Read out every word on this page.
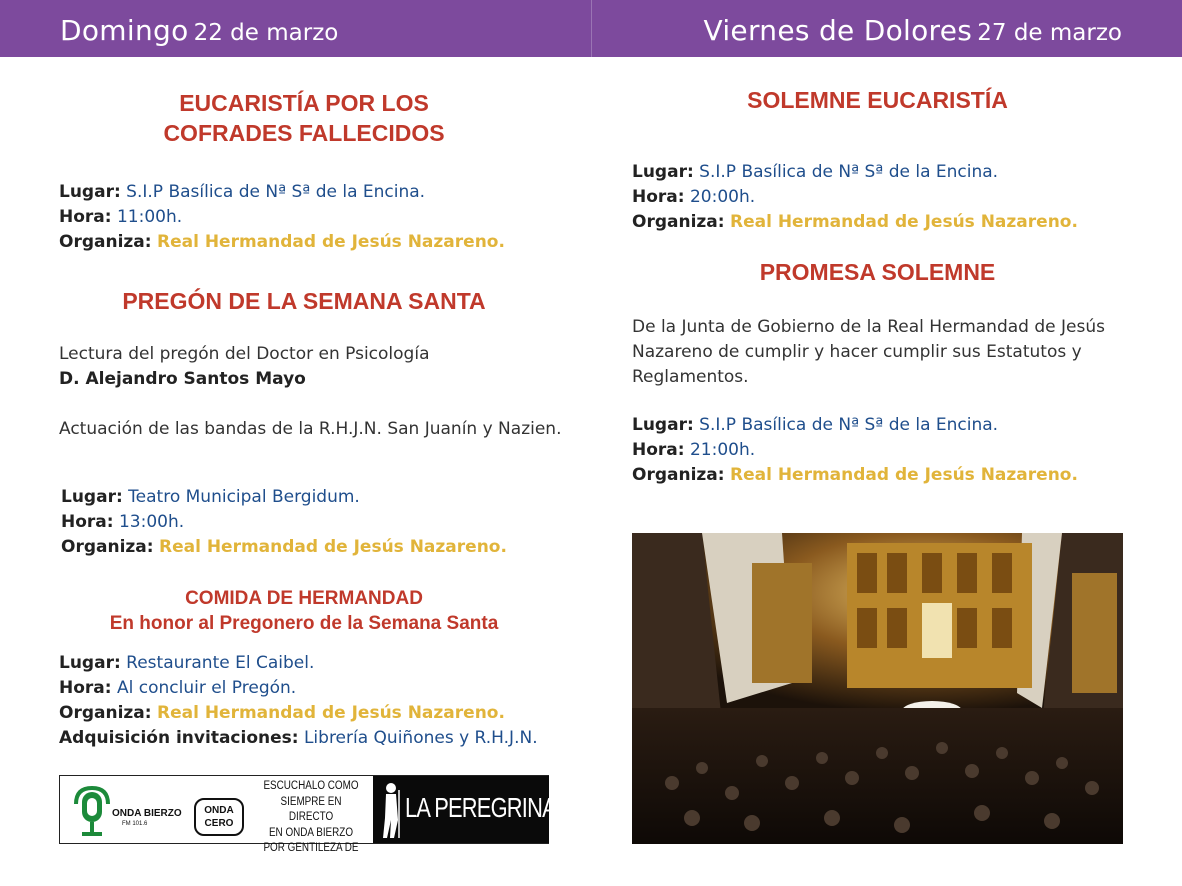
Domingo 22 de marzo	Viernes de Dolores 27 de marzo
EUCARISTÍA POR LOS
COFRADES FALLECIDOS
Lugar: S.I.P Basílica de Nª Sª de la Encina.
Hora: 11:00h.
Organiza: Real Hermandad de Jesús Nazareno.
PREGÓN DE LA SEMANA SANTA
Lectura del pregón del Doctor en Psicología
D. Alejandro Santos Mayo
Actuación de las bandas de la R.H.J.N. San Juanín y Nazien.
Lugar: Teatro Municipal Bergidum.
Hora: 13:00h.
Organiza: Real Hermandad de Jesús Nazareno.
COMIDA DE HERMANDAD
En honor al Pregonero de la Semana Santa
Lugar: Restaurante El Caibel.
Hora: Al concluir el Pregón.
Organiza: Real Hermandad de Jesús Nazareno.
Adquisición invitaciones: Librería Quiñones y R.H.J.N.
ONDA BIERZO
FM 101.6
ONDA
CERO
ESCUCHALO COMO
SIEMPRE EN DIRECTO
EN ONDA BIERZO
POR GENTILEZA DE
LA PEREGRINA
SOLEMNE EUCARISTÍA
Lugar: S.I.P Basílica de Nª Sª de la Encina.
Hora: 20:00h.
Organiza: Real Hermandad de Jesús Nazareno.
PROMESA SOLEMNE
De la Junta de Gobierno de la Real Hermandad de Jesús Nazareno de cumplir y hacer cumplir sus Estatutos y Reglamentos.
Lugar: S.I.P Basílica de Nª Sª de la Encina.
Hora: 21:00h.
Organiza: Real Hermandad de Jesús Nazareno.
